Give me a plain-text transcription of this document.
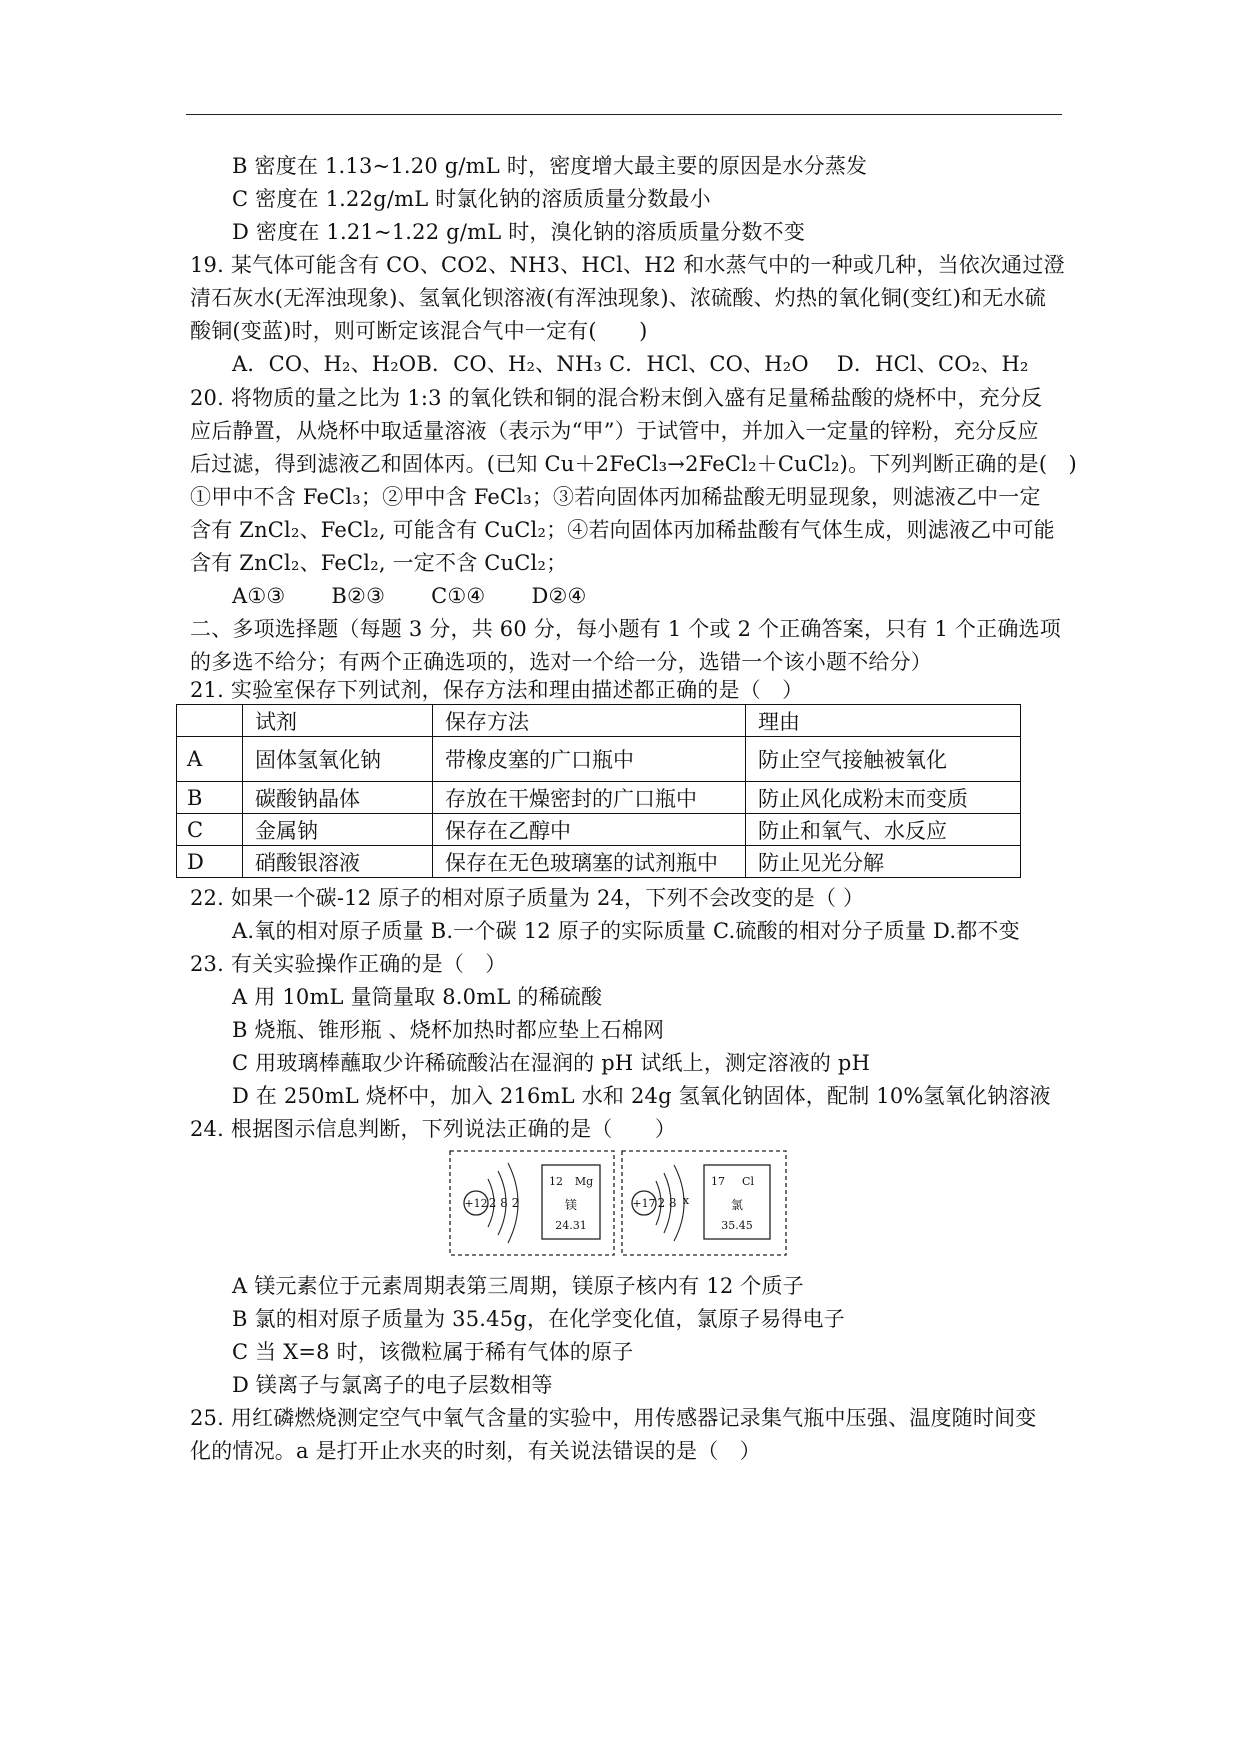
B 密度在 1.13~1.20 g/mL 时，密度增大最主要的原因是水分蒸发
C 密度在 1.22g/mL 时氯化钠的溶质质量分数最小
D 密度在 1.21~1.22 g/mL 时，溴化钠的溶质质量分数不变
19. 某气体可能含有 CO、CO2、NH3、HCl、H2 和水蒸气中的一种或几种，当依次通过澄
清石灰水(无浑浊现象)、氢氧化钡溶液(有浑浊现象)、浓硫酸、灼热的氧化铜(变红)和无水硫
酸铜(变蓝)时，则可断定该混合气中一定有(　　)
A．CO、H₂、H₂OB．CO、H₂、NH₃ C．HCl、CO、H₂O　 D．HCl、CO₂、H₂
20. 将物质的量之比为 1:3 的氧化铁和铜的混合粉末倒入盛有足量稀盐酸的烧杯中，充分反
应后静置，从烧杯中取适量溶液（表示为“甲”）于试管中，并加入一定量的锌粉，充分反应
后过滤，得到滤液乙和固体丙。(已知 Cu＋2FeCl₃→2FeCl₂＋CuCl₂)。下列判断正确的是(　)
①甲中不含 FeCl₃；②甲中含 FeCl₃；③若向固体丙加稀盐酸无明显现象，则滤液乙中一定
含有 ZnCl₂、FeCl₂, 可能含有 CuCl₂；④若向固体丙加稀盐酸有气体生成，则滤液乙中可能
含有 ZnCl₂、FeCl₂, 一定不含 CuCl₂；
A①③ B②③ C①④ D②④
二、多项选择题（每题 3 分，共 60 分，每小题有 1 个或 2 个正确答案，只有 1 个正确选项
的多选不给分；有两个正确选项的，选对一个给一分，选错一个该小题不给分）
21. 实验室保存下列试剂，保存方法和理由描述都正确的是（　）
	试剂	保存方法	理由
A	固体氢氧化钠	带橡皮塞的广口瓶中	防止空气接触被氧化
B	碳酸钠晶体	存放在干燥密封的广口瓶中	防止风化成粉末而变质
C	金属钠	保存在乙醇中	防止和氧气、水反应
D	硝酸银溶液	保存在无色玻璃塞的试剂瓶中	防止见光分解
22. 如果一个碳-12 原子的相对原子质量为 24，下列不会改变的是（ ）
A.氧的相对原子质量 B.一个碳 12 原子的实际质量 C.硫酸的相对分子质量 D.都不变
23. 有关实验操作正确的是（　）
A 用 10mL 量筒量取 8.0mL 的稀硫酸
B 烧瓶、锥形瓶 、烧杯加热时都应垫上石棉网
C 用玻璃棒蘸取少许稀硫酸沾在湿润的 pH 试纸上，测定溶液的 pH
D 在 250mL 烧杯中，加入 216mL 水和 24g 氢氧化钠固体，配制 10%氢氧化钠溶液
24. 根据图示信息判断，下列说法正确的是（　　）
+12 2 8 2
12 Mg
镁
24.31
+17 2 8 x
17 Cl
氯
35.45
A 镁元素位于元素周期表第三周期，镁原子核内有 12 个质子
B 氯的相对原子质量为 35.45g，在化学变化值，氯原子易得电子
C 当 X=8 时，该微粒属于稀有气体的原子
D 镁离子与氯离子的电子层数相等
25. 用红磷燃烧测定空气中氧气含量的实验中，用传感器记录集气瓶中压强、温度随时间变
化的情况。a 是打开止水夹的时刻，有关说法错误的是（　）
